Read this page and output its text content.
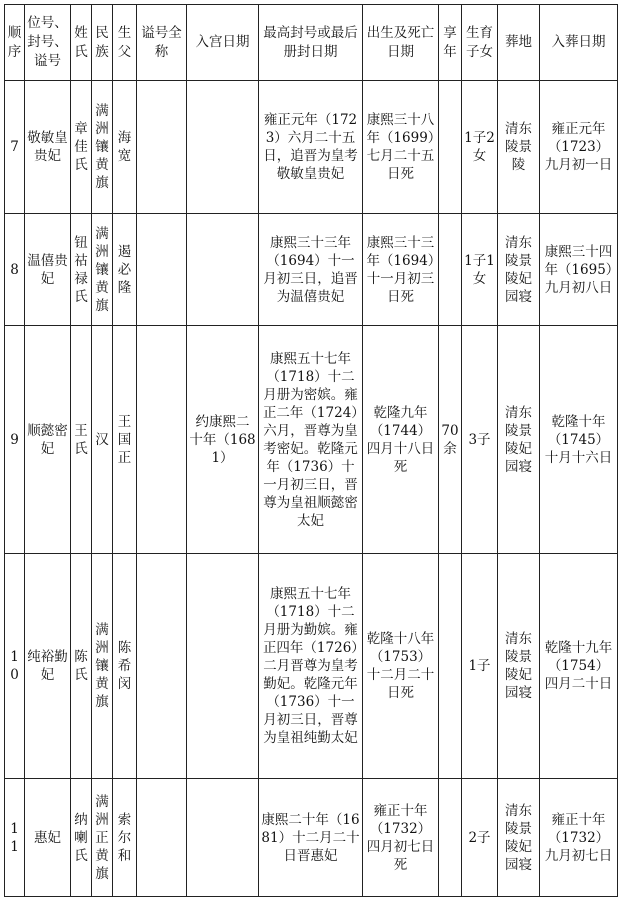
顺序	位号、封号、谥号	姓氏	民族	生父	谥号全称	入宫日期	最高封号或最后册封日期	出生及死亡日期	享年	生育子女	葬地	入葬日期
7	敬敏皇贵妃	章佳氏	满洲镶黄旗	海宽			雍正元年（1723）六月二十五日，追晋为皇考敬敏皇贵妃	康熙三十八年（1699）七月二十五日死		1子2女	清东陵景陵	雍正元年（1723）九月初一日
8	温僖贵妃	钮祜禄氏	满洲镶黄旗	遏必隆			康熙三十三年（1694）十一月初三日，追晋为温僖贵妃	康熙三十三年（1694）十一月初三日死		1子1女	清东陵景陵妃园寝	康熙三十四年（1695）九月初八日
9	顺懿密妃	王氏	汉	王国正		约康熙二十年（1681）	康熙五十七年（1718）十二月册为密嫔。雍正二年（1724）六月，晋尊为皇考密妃。乾隆元年（1736）十一月初三日，晋尊为皇祖顺懿密太妃	乾隆九年（1744）四月十八日死	70余	3子	清东陵景陵妃园寝	乾隆十年（1745）十月十六日
10	纯裕勤妃	陈氏	满洲镶黄旗	陈希闵			康熙五十七年（1718）十二月册为勤嫔。雍正四年（1726）二月晋尊为皇考勤妃。乾隆元年（1736）十一月初三日，晋尊为皇祖纯勤太妃	乾隆十八年（1753）十二月二十日死		1子	清东陵景陵妃园寝	乾隆十九年（1754）四月二十日
11	惠妃	纳喇氏	满洲正黄旗	索尔和			康熙二十年（1681）十二月二十日晋惠妃	雍正十年（1732）四月初七日死		2子	清东陵景陵妃园寝	雍正十年（1732）九月初七日
